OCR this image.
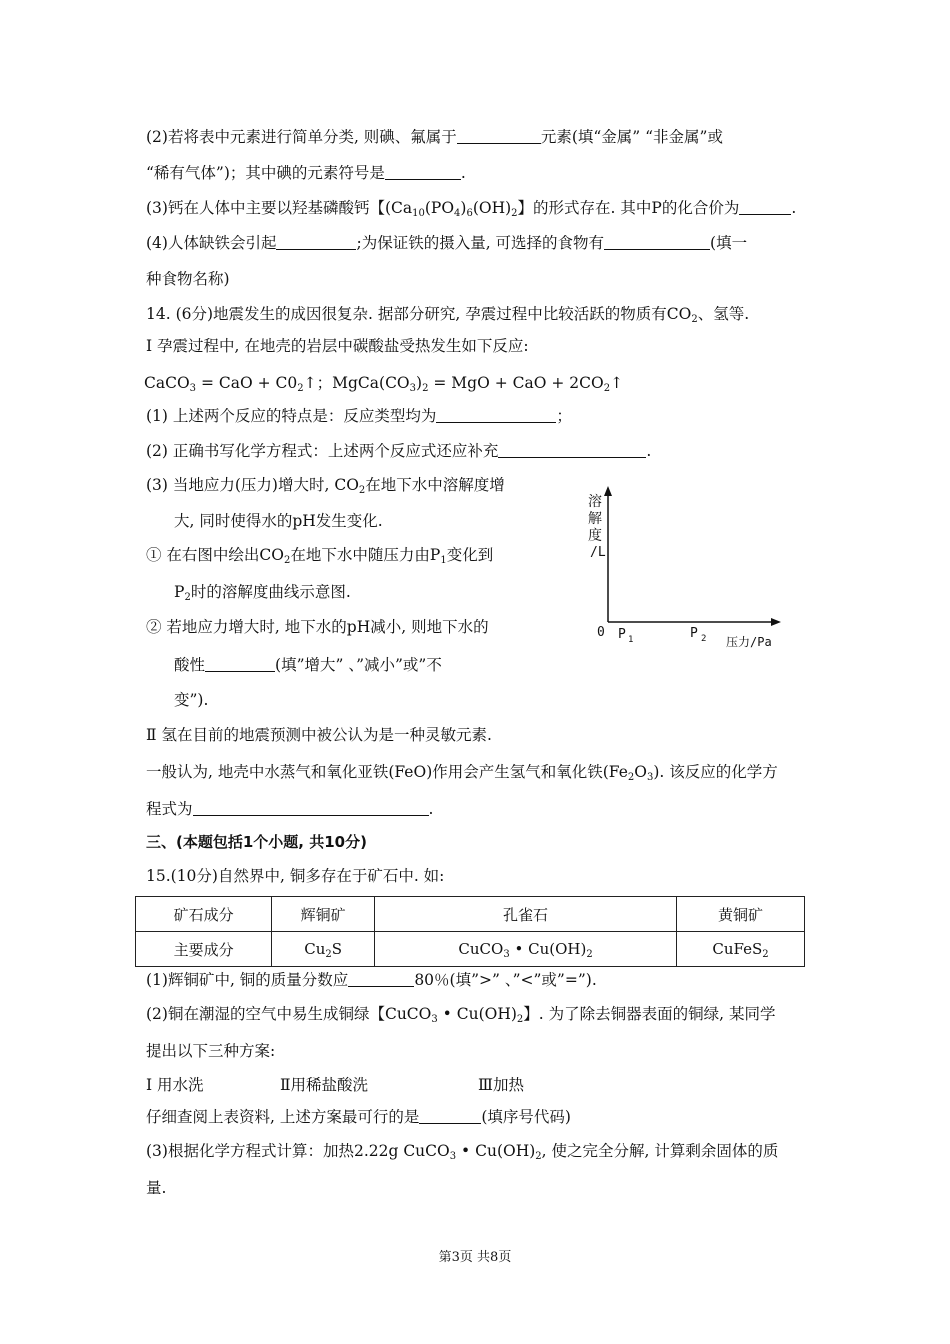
(2)若将表中元素进行简单分类, 则碘、氟属于	元素(填“金属” “非金属”或
“稀有气体”)；其中碘的元素符号是	.
(3)钙在人体中主要以羟基磷酸钙【($Ca_{10}(PO_4)_6(OH)_2$】的形式存在. 其中P的化合价为	.
(4)人体缺铁会引起	;为保证铁的摄入量, 可选择的食物有	(填一
种食物名称)
14. (6分)地震发生的成因很复杂. 据部分研究, 孕震过程中比较活跃的物质有$CO_2$、氢等.
Ⅰ 孕震过程中, 在地壳的岩层中碳酸盐受热发生如下反应:
CaCO$_3$ = CaO + $C0_2↑$；$MgCa(CO_3)_2$ = MgO + CaO + $2CO_2↑$
(1) 上述两个反应的特点是：反应类型均为	；
(2) 正确书写化学方程式：上述两个反应式还应补充	.
(3) 当地应力(压力)增大时, $CO_2$在地下水中溶解度增
大, 同时使得水的pH发生变化.
① 在右图中绘出$CO_2$在地下水中随压力由$P_1$变化到
$P_2$时的溶解度曲线示意图.
② 若地应力增大时, 地下水的pH减小, 则地下水的
酸性	(填”增大” 、”减小”或”不
变”).
溶
解
度
/L
0 P 1	P 2 压力/Pa
Ⅱ 氢在目前的地震预测中被公认为是一种灵敏元素.
一般认为, 地壳中水蒸气和氧化亚铁(FeO)作用会产生氢气和氧化铁$(Fe_2O_3)$. 该反应的化学方
程式为	.
三、(本题包括1个小题, 共10分)
15.(10分)自然界中, 铜多存在于矿石中. 如:
矿石成分	辉铜矿	孔雀石	黄铜矿
主要成分	$Cu_2S$	CuCO$_3$ • $Cu(OH)_2$	CuFeS$_2$
(1)辉铜矿中, 铜的质量分数应	80％(填”>” 、”<”或”=”).
(2)铜在潮湿的空气中易生成铜绿【CuCO$_3$ • $Cu(OH)_2$】. 为了除去铜器表面的铜绿, 某同学
提出以下三种方案:
Ⅰ 用水洗	Ⅱ用稀盐酸洗	Ⅲ加热
仔细查阅上表资料, 上述方案最可行的是	(填序号代码)
(3)根据化学方程式计算：加热2.22g CuCO$_3$ • $Cu(OH)_2$, 使之完全分解, 计算剩余固体的质
量.
第3页 共8页
